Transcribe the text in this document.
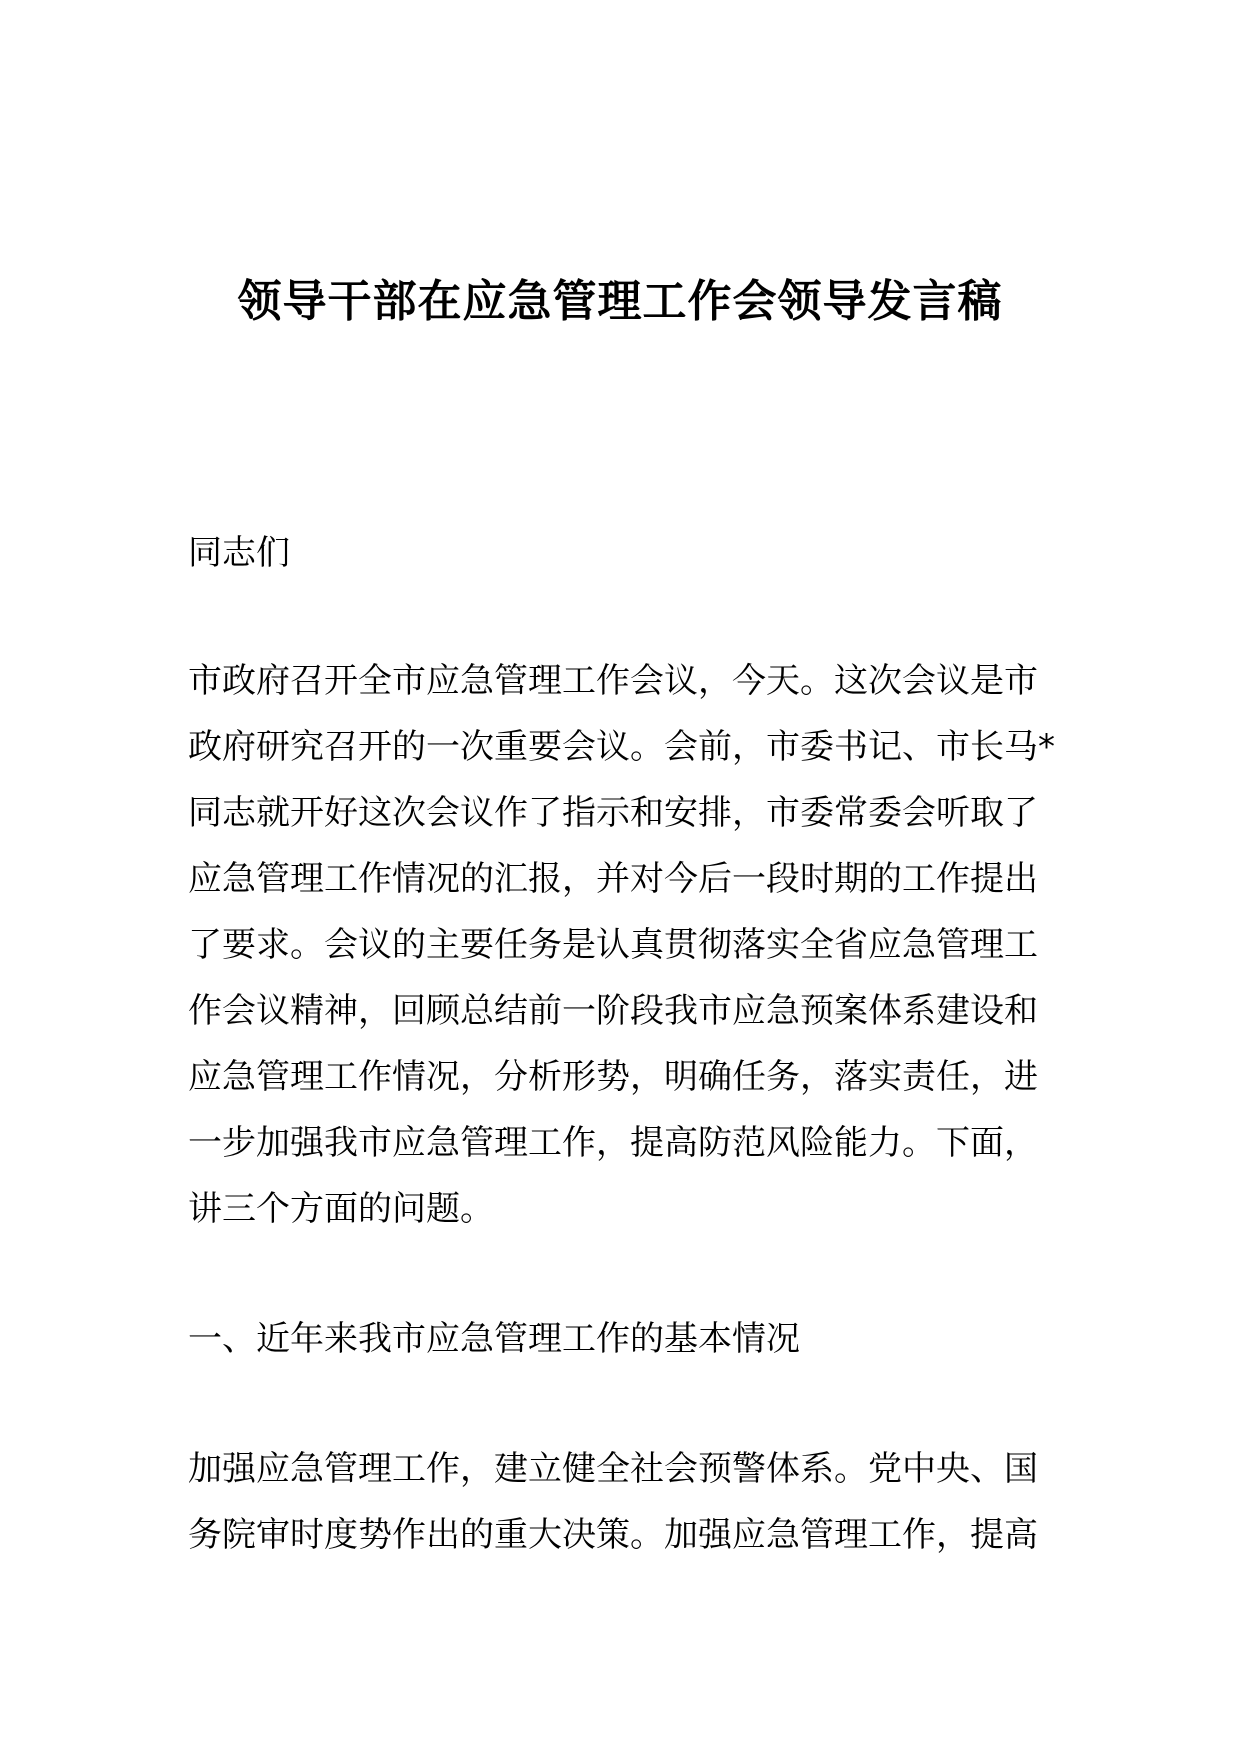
领导干部在应急管理工作会领导发言稿
同志们
市政府召开全市应急管理工作会议，今天。这次会议是市
政府研究召开的一次重要会议。会前，市委书记、市长马*
同志就开好这次会议作了指示和安排，市委常委会听取了
应急管理工作情况的汇报，并对今后一段时期的工作提出
了要求。会议的主要任务是认真贯彻落实全省应急管理工
作会议精神，回顾总结前一阶段我市应急预案体系建设和
应急管理工作情况，分析形势，明确任务，落实责任，进
一步加强我市应急管理工作，提高防范风险能力。下面，
讲三个方面的问题。
一、近年来我市应急管理工作的基本情况
加强应急管理工作，建立健全社会预警体系。党中央、国
务院审时度势作出的重大决策。加强应急管理工作，提高
